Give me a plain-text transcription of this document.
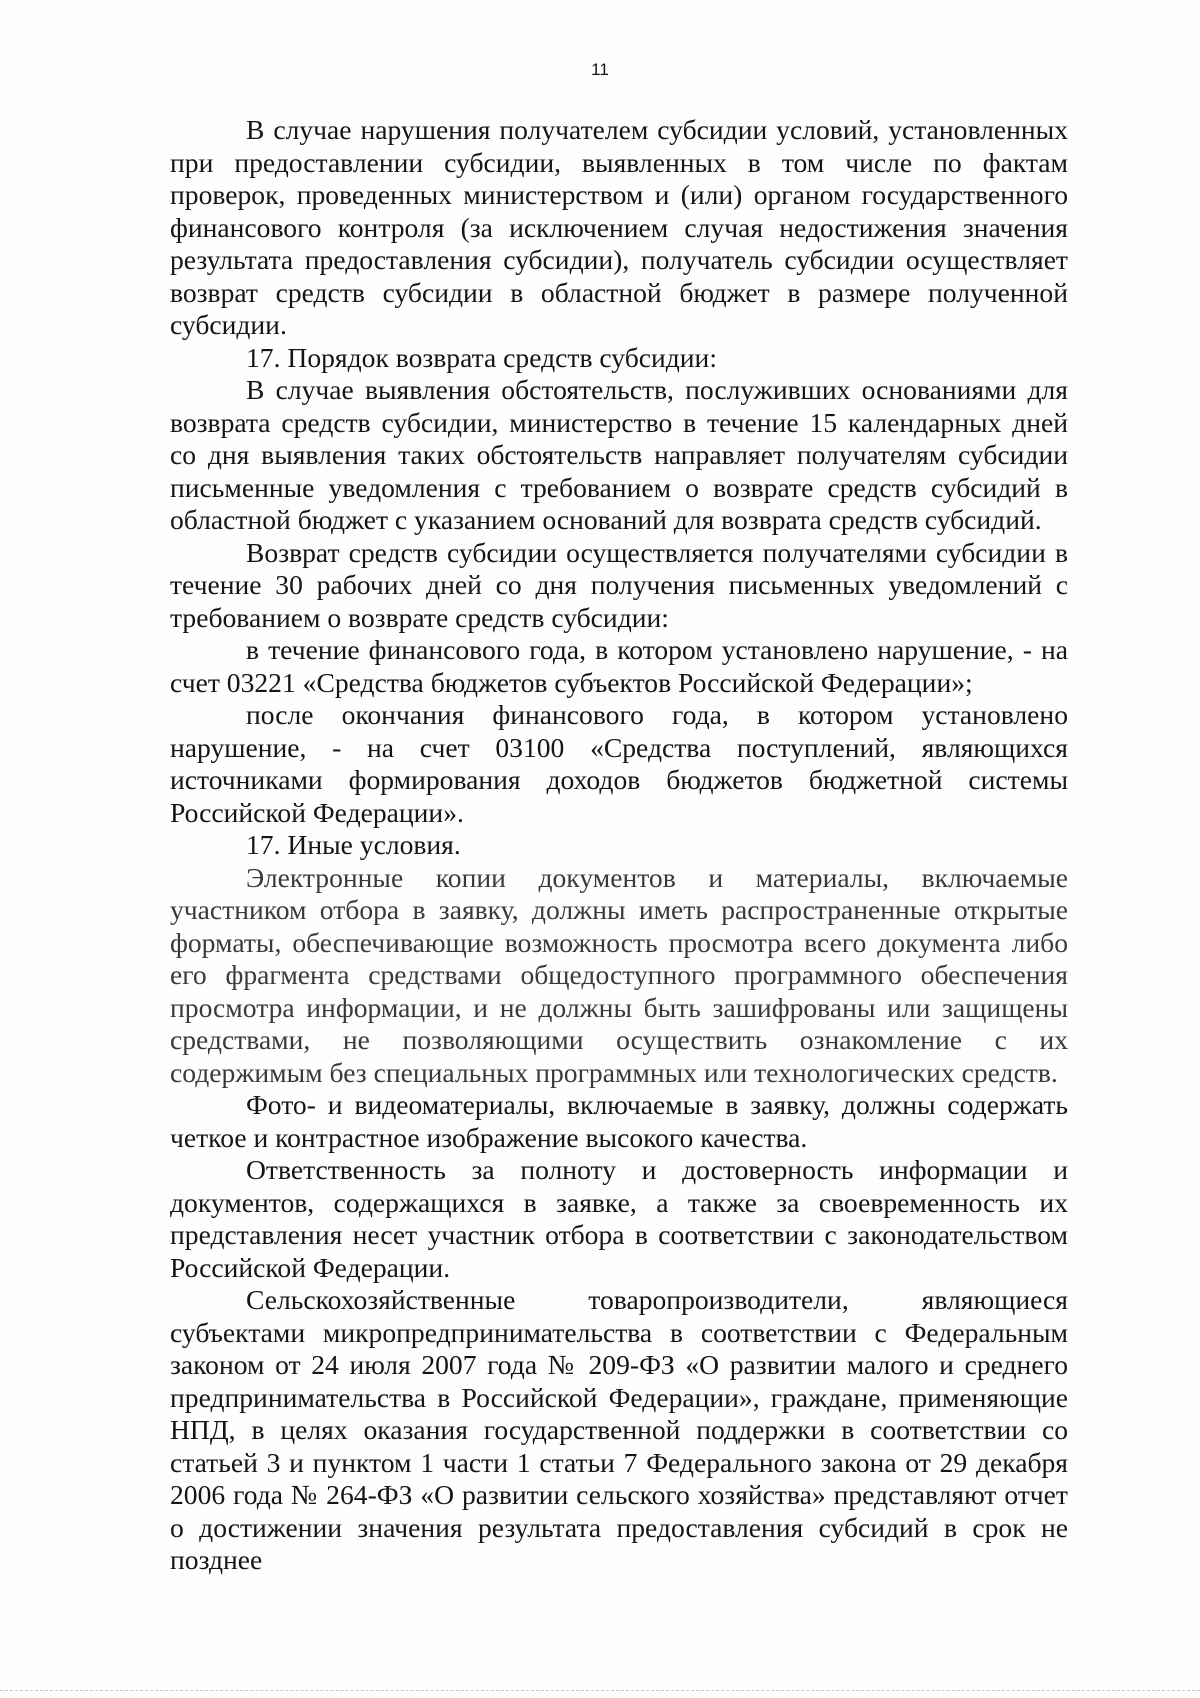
11

В случае нарушения получателем субсидии условий, установленных при предоставлении субсидии, выявленных в том числе по фактам проверок, проведенных министерством и (или) органом государственного финансового контроля (за исключением случая недостижения значения результата предоставления субсидии), получатель субсидии осуществляет возврат средств субсидии в областной бюджет в размере полученной субсидии.

17. Порядок возврата средств субсидии:

В случае выявления обстоятельств, послуживших основаниями для возврата средств субсидии, министерство в течение 15 календарных дней со дня выявления таких обстоятельств направляет получателям субсидии письменные уведомления с требованием о возврате средств субсидий в областной бюджет с указанием оснований для возврата средств субсидий.

Возврат средств субсидии осуществляется получателями субсидии в течение 30 рабочих дней со дня получения письменных уведомлений с требованием о возврате средств субсидии:

в течение финансового года, в котором установлено нарушение, - на счет 03221 «Средства бюджетов субъектов Российской Федерации»;

после окончания финансового года, в котором установлено нарушение, - на счет 03100 «Средства поступлений, являющихся источниками формирования доходов бюджетов бюджетной системы Российской Федерации».

17. Иные условия.

Электронные копии документов и материалы, включаемые участником отбора в заявку, должны иметь распространенные открытые форматы, обеспечивающие возможность просмотра всего документа либо его фрагмента средствами общедоступного программного обеспечения просмотра информации, и не должны быть зашифрованы или защищены средствами, не позволяющими осуществить ознакомление с их содержимым без специальных программных или технологических средств.

Фото- и видеоматериалы, включаемые в заявку, должны содержать четкое и контрастное изображение высокого качества.

Ответственность за полноту и достоверность информации и документов, содержащихся в заявке, а также за своевременность их представления несет участник отбора в соответствии с законодательством Российской Федерации.

Сельскохозяйственные товаропроизводители, являющиеся субъектами микропредпринимательства в соответствии с Федеральным законом от 24 июля 2007 года № 209-ФЗ «О развитии малого и среднего предпринимательства в Российской Федерации», граждане, применяющие НПД, в целях оказания государственной поддержки в соответствии со статьей 3 и пунктом 1 части 1 статьи 7 Федерального закона от 29 декабря 2006 года № 264-ФЗ «О развитии сельского хозяйства» представляют отчет о достижении значения результата предоставления субсидий в срок не позднее
